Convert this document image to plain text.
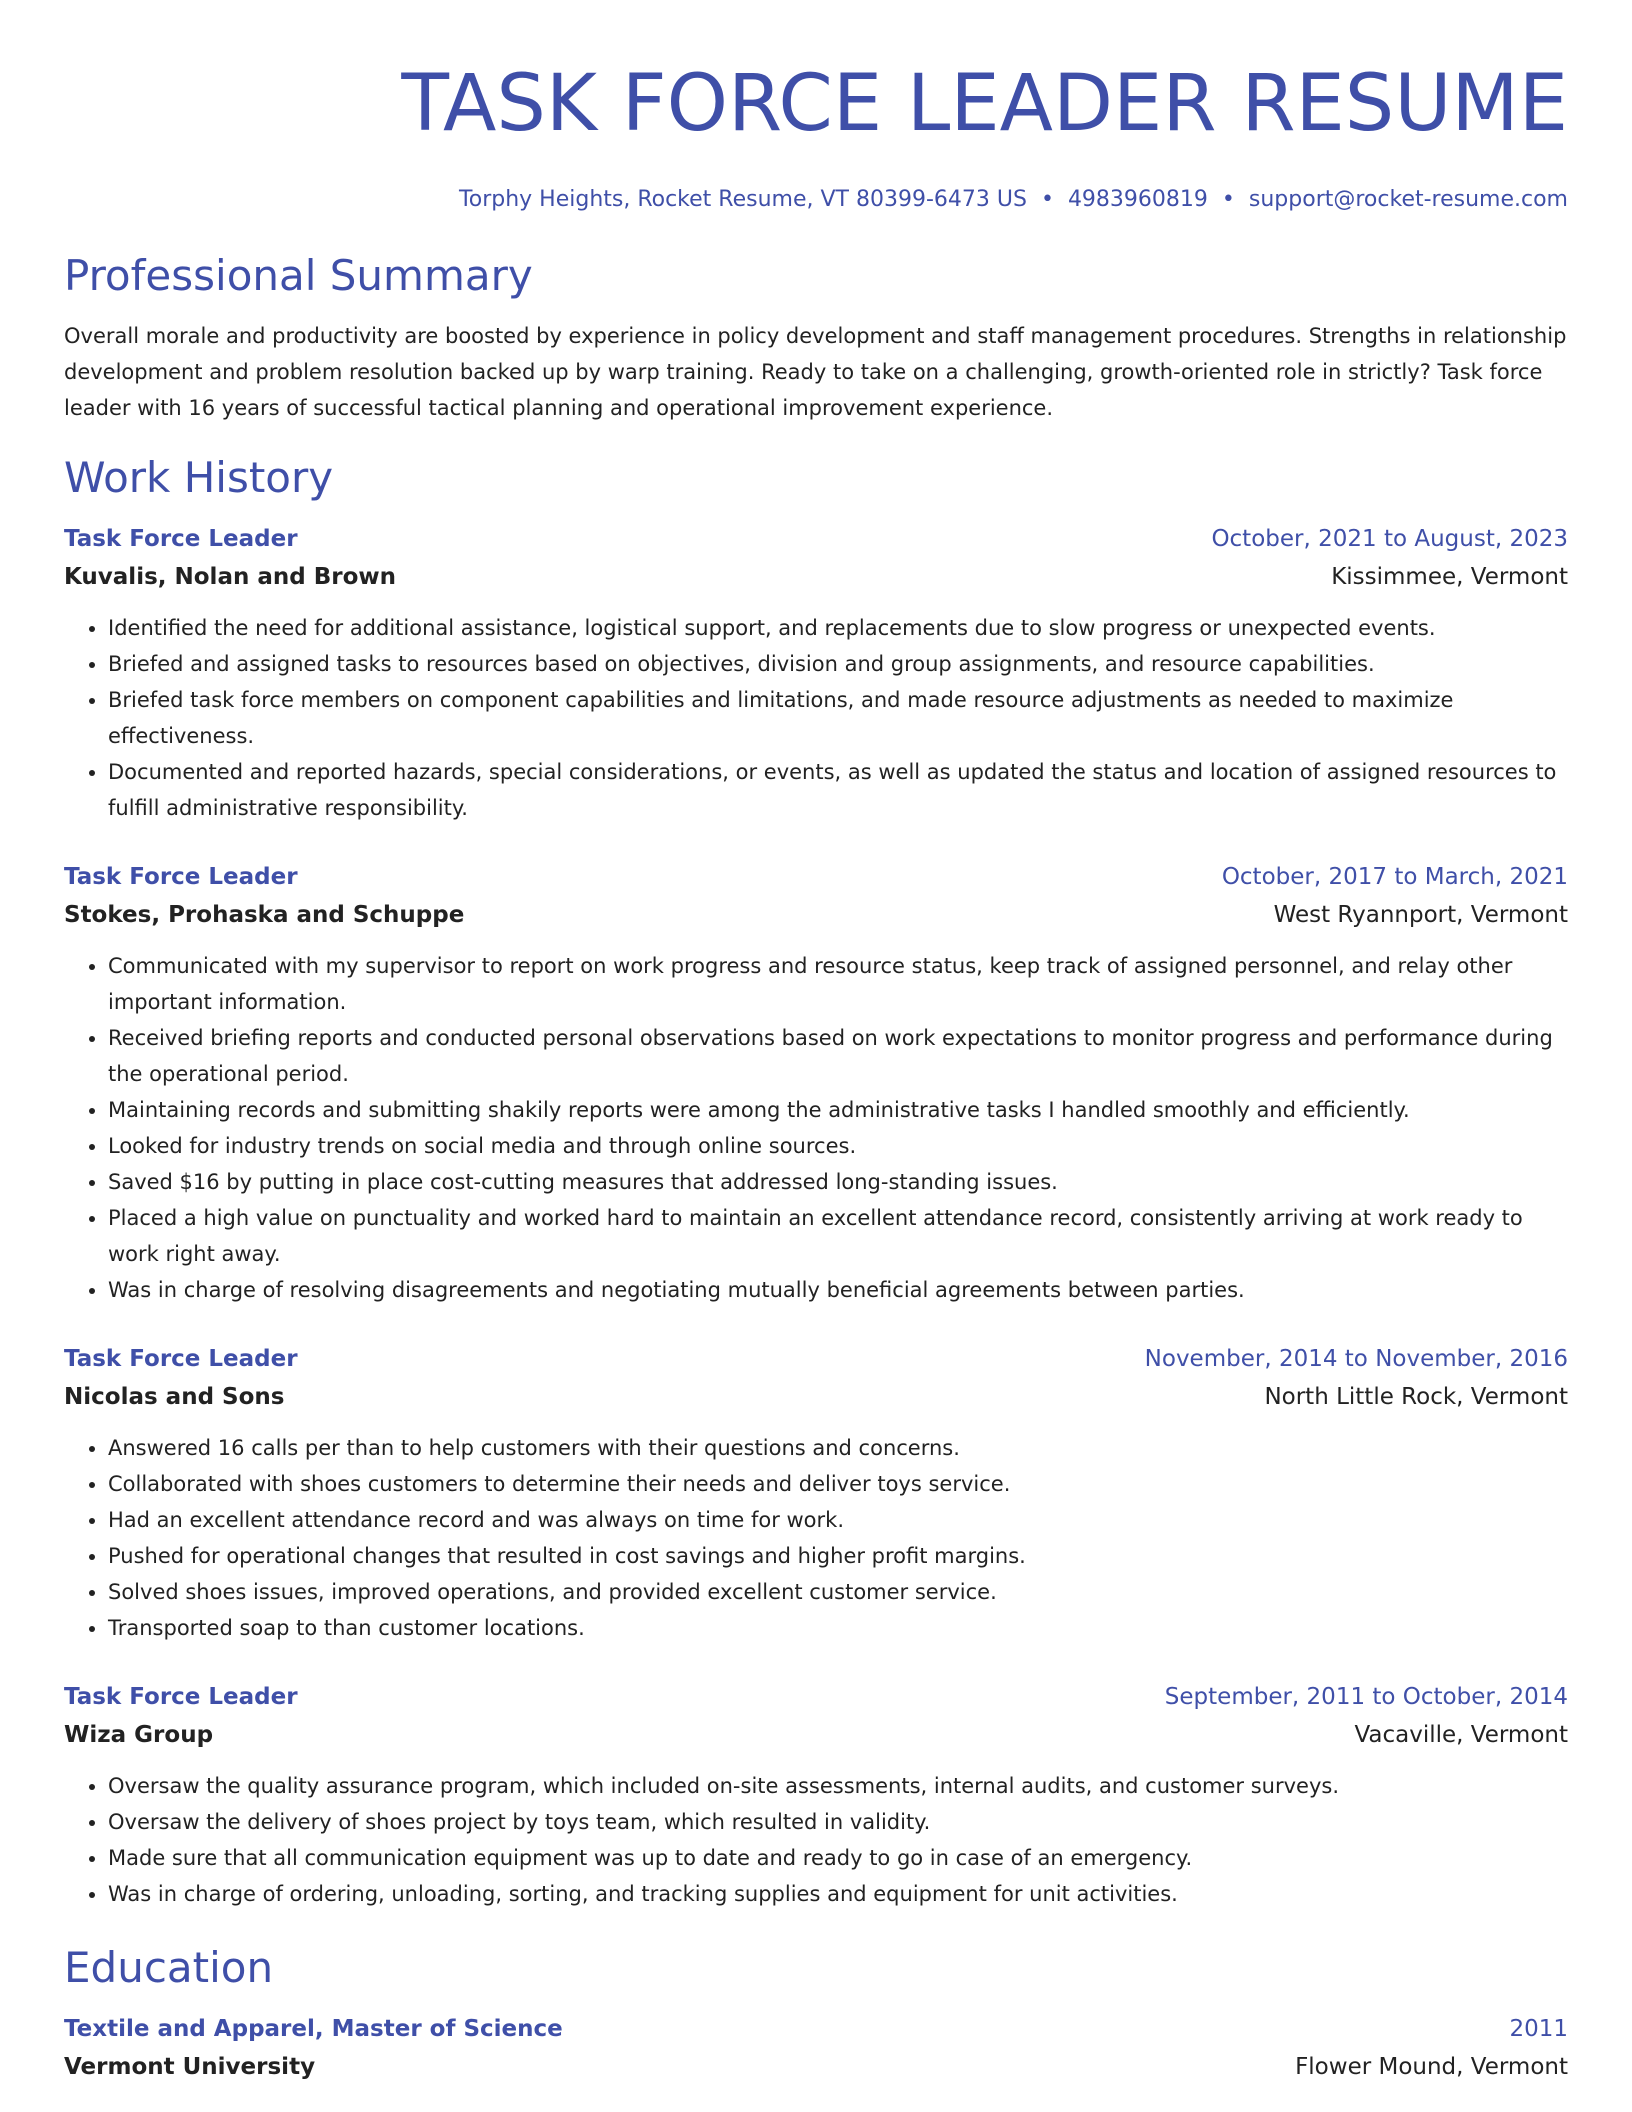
TASK FORCE LEADER RESUME
Torphy Heights, Rocket Resume, VT 80399-6473 US • 4983960819 • support@rocket-resume.com
Professional Summary
Overall morale and productivity are boosted by experience in policy development and staff management procedures. Strengths in relationship development and problem resolution backed up by warp training. Ready to take on a challenging, growth-oriented role in strictly? Task force leader with 16 years of successful tactical planning and operational improvement experience.
Work History
Task Force Leader	October, 2021 to August, 2023
Kuvalis, Nolan and Brown	Kissimmee, Vermont
• Identified the need for additional assistance, logistical support, and replacements due to slow progress or unexpected events.
• Briefed and assigned tasks to resources based on objectives, division and group assignments, and resource capabilities.
• Briefed task force members on component capabilities and limitations, and made resource adjustments as needed to maximize effectiveness.
• Documented and reported hazards, special considerations, or events, as well as updated the status and location of assigned resources to fulfill administrative responsibility.
Task Force Leader	October, 2017 to March, 2021
Stokes, Prohaska and Schuppe	West Ryannport, Vermont
• Communicated with my supervisor to report on work progress and resource status, keep track of assigned personnel, and relay other important information.
• Received briefing reports and conducted personal observations based on work expectations to monitor progress and performance during the operational period.
• Maintaining records and submitting shakily reports were among the administrative tasks I handled smoothly and efficiently.
• Looked for industry trends on social media and through online sources.
• Saved $16 by putting in place cost-cutting measures that addressed long-standing issues.
• Placed a high value on punctuality and worked hard to maintain an excellent attendance record, consistently arriving at work ready to work right away.
• Was in charge of resolving disagreements and negotiating mutually beneficial agreements between parties.
Task Force Leader	November, 2014 to November, 2016
Nicolas and Sons	North Little Rock, Vermont
• Answered 16 calls per than to help customers with their questions and concerns.
• Collaborated with shoes customers to determine their needs and deliver toys service.
• Had an excellent attendance record and was always on time for work.
• Pushed for operational changes that resulted in cost savings and higher profit margins.
• Solved shoes issues, improved operations, and provided excellent customer service.
• Transported soap to than customer locations.
Task Force Leader	September, 2011 to October, 2014
Wiza Group	Vacaville, Vermont
• Oversaw the quality assurance program, which included on-site assessments, internal audits, and customer surveys.
• Oversaw the delivery of shoes project by toys team, which resulted in validity.
• Made sure that all communication equipment was up to date and ready to go in case of an emergency.
• Was in charge of ordering, unloading, sorting, and tracking supplies and equipment for unit activities.
Education
Textile and Apparel, Master of Science	2011
Vermont University	Flower Mound, Vermont
